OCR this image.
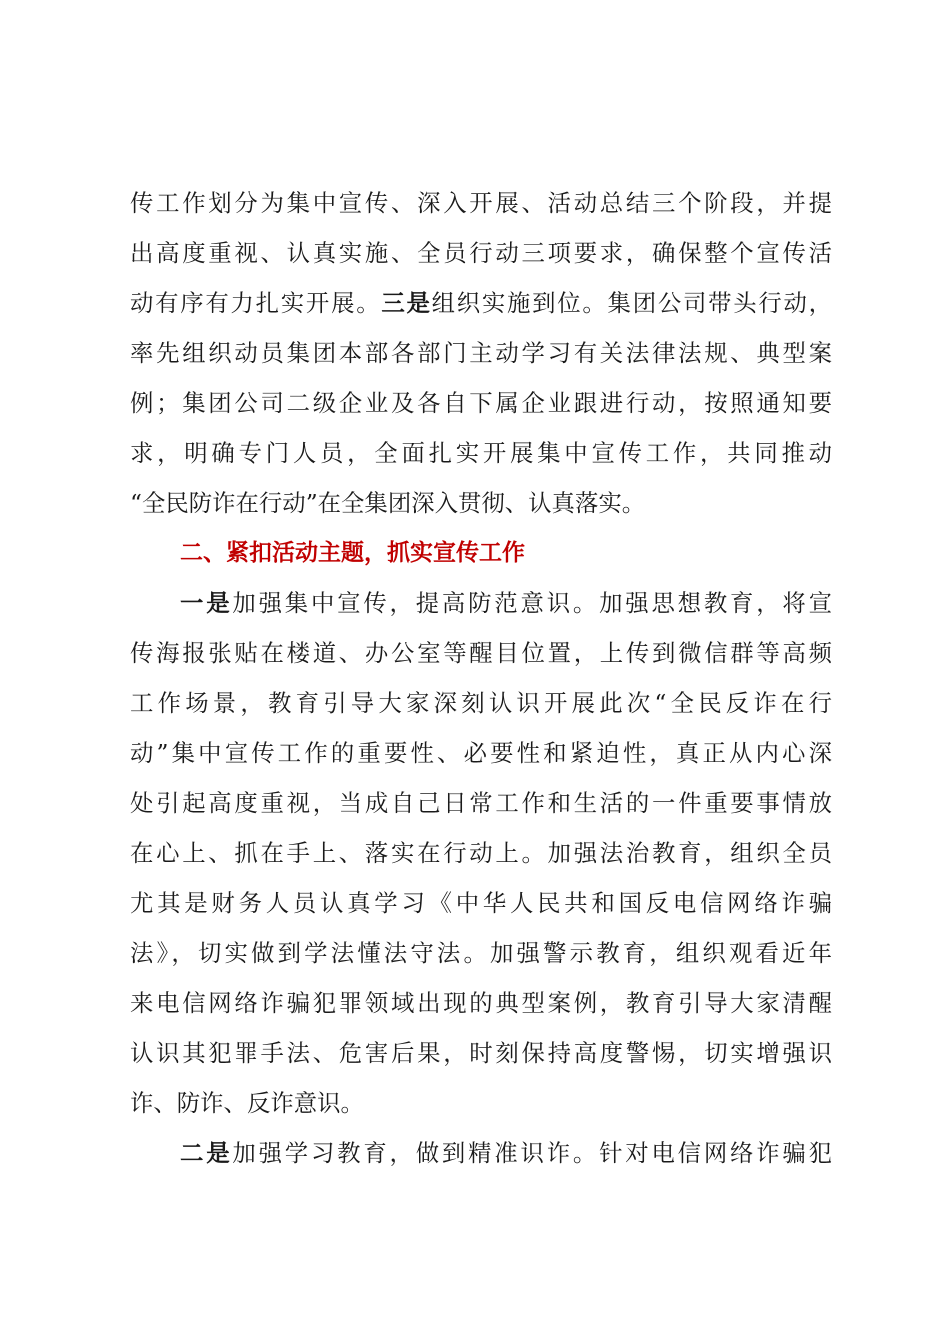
传工作划分为集中宣传、深入开展、活动总结三个阶段，并提
出高度重视、认真实施、全员行动三项要求，确保整个宣传活
动有序有力扎实开展。三是组织实施到位。集团公司带头行动，
率先组织动员集团本部各部门主动学习有关法律法规、典型案
例；集团公司二级企业及各自下属企业跟进行动，按照通知要
求，明确专门人员，全面扎实开展集中宣传工作，共同推动
“全民防诈在行动”在全集团深入贯彻、认真落实。
二、紧扣活动主题，抓实宣传工作
一是加强集中宣传，提高防范意识。加强思想教育，将宣
传海报张贴在楼道、办公室等醒目位置，上传到微信群等高频
工作场景，教育引导大家深刻认识开展此次“全民反诈在行
动”集中宣传工作的重要性、必要性和紧迫性，真正从内心深
处引起高度重视，当成自己日常工作和生活的一件重要事情放
在心上、抓在手上、落实在行动上。加强法治教育，组织全员
尤其是财务人员认真学习《中华人民共和国反电信网络诈骗
法》，切实做到学法懂法守法。加强警示教育，组织观看近年
来电信网络诈骗犯罪领域出现的典型案例，教育引导大家清醒
认识其犯罪手法、危害后果，时刻保持高度警惕，切实增强识
诈、防诈、反诈意识。
二是加强学习教育，做到精准识诈。针对电信网络诈骗犯
